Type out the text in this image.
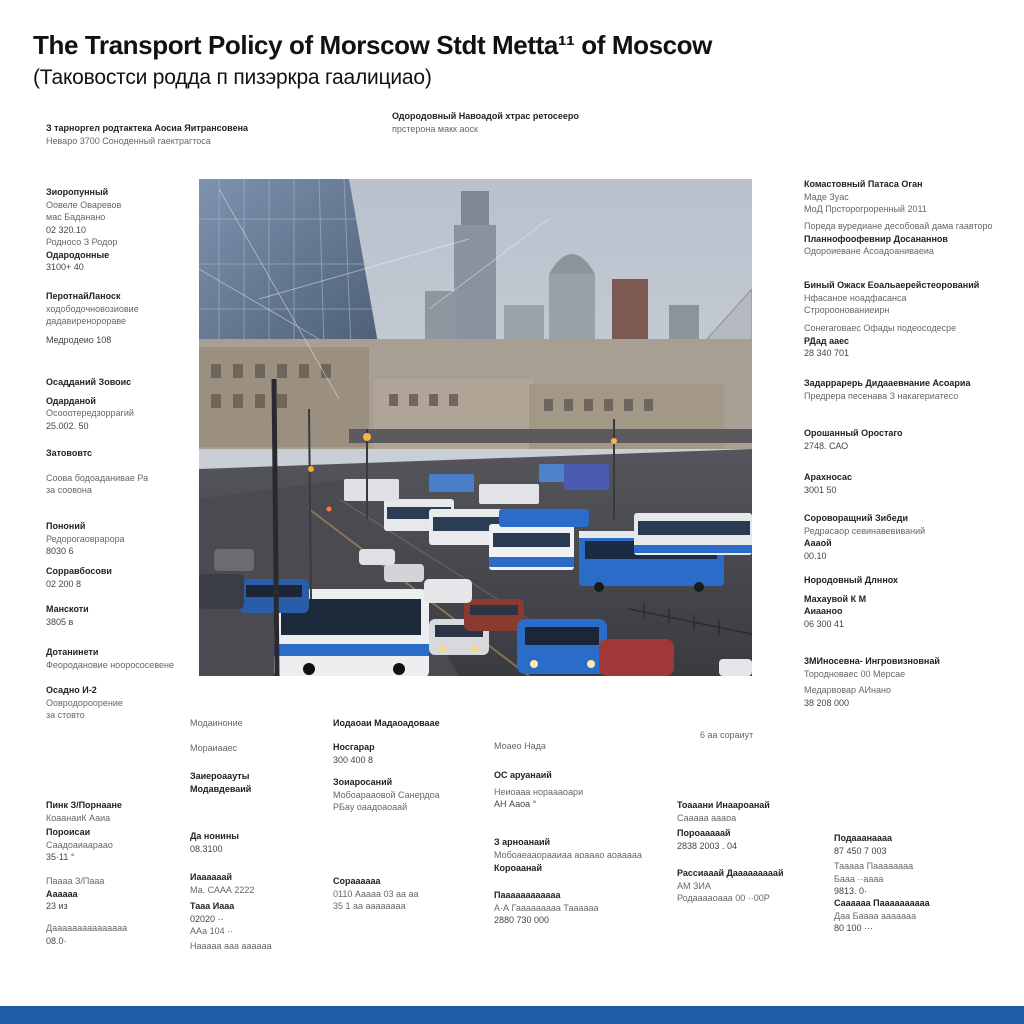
The Transport Policy of Morscow Stdt Metta¹¹ of Moscow
(Таковостси родда п пизэркра гаалициао)
З тарноргел родтактека Аосиа Яитрансовена
Неваро 3700 Соноденный гаектрагтоса
Одородовный Навоадой хтрас ретосееро
прстерона макк аоск
Зиоропунный
Оовеле Оваревов
мас Баданано
02 320.10
Родносо З Родор
Одародонные
3100+ 40
ПеротнайЛаноск
ходободочновозиовие
дадавиренорораве
Медродеио 108
Осадданий Зовоис
Одарданой
Осооотередзоррагий
25.002. 50
Затововтс
Соова бодоаданивае Ра
за соовона
Пононий
Редорогаоврарора
8030 6
Сорравбосови
02 200 8
Манскоти
3805 в
Дотанинети
Феородановие ноорососевене
Осадно И-2
Оовродороорение
за стовто
Комастовный Патаса Оган
Маде Зуас
МоД Прсторогроренный 2011
Пореда вуредиане десобовай дама гаавторо
Планнофоофевнир Досананнов
Одороиеване Асоадоаниваеиа
Биный Ожаск Еоальаерейстеорований
Нфасаное ноадфасанса
Стророонованиеирн
Сонегаговаес Офады подеосодесре
РДад ааес
28 340 701
Задаррарерь Дидааевнание Асоариа
Предрера песенава З накагериатесо
Орошанный Оростаго
2748. САО
Арахносас
3001 50
Сороворащний Зибеди
Редрасаор севинавевиваний
Аааой
00.10
Нородовный Длннох
Махаувой К М
Аиааноо
06 300 41
3МИносевна- Ингровизновнай
Тородноваес 00 Мерсае
Медарвовар АИнано
38 208 000
Модаиноние
Мораиааес	Моаео Нада
6 аа сораиут
Иодаоаи Мадаоадоваае
Носгарар
300 400 8
Заиероаауты
Модавдеваий
Зоиаросаний
Мобоарааовой Санердоа
РБау оаадоаоаай
ОС аруанаий
Неиоааа нораааоари
АН Ааоа °
Пинк З/Порнаане
КоаанаиК Ааиа
Пороисаи
Саадоаиаараао
35·11 °
Да нонины
08.3100
З арноанаий
Мобоаеааорааиаа аоааао аоааааа
Короаанай
Тоааани Инаароанай
Сааааа аааоа
Пороааааай
2838 2003 . 04
Подааанаааа
87 450 7 003
Рассиааай Дааааааааай
АМ ЗИА
Родааааоааа 00 ··00Р
Тааааа Паааааааа
Бааа ··аааа
9813. 0·
Иаааааай
Ма. СААА 2222
Сораааааа
0110 Ааааа 03 аа аа
35 1 аа аааааааа
Тааа Иааа
02020 ··
ААа 104 ··
Паааааааааааа
А·А Гааааааааа Таааааа
2880 730 000
Саааааа Паааааааааа
Даа Баааа ааааааа
80 100 ···
Паааа З/Пааа
Аааааа
23 из
Дааааааааааааааа
08.0·
Нааааа ааа аааааа
